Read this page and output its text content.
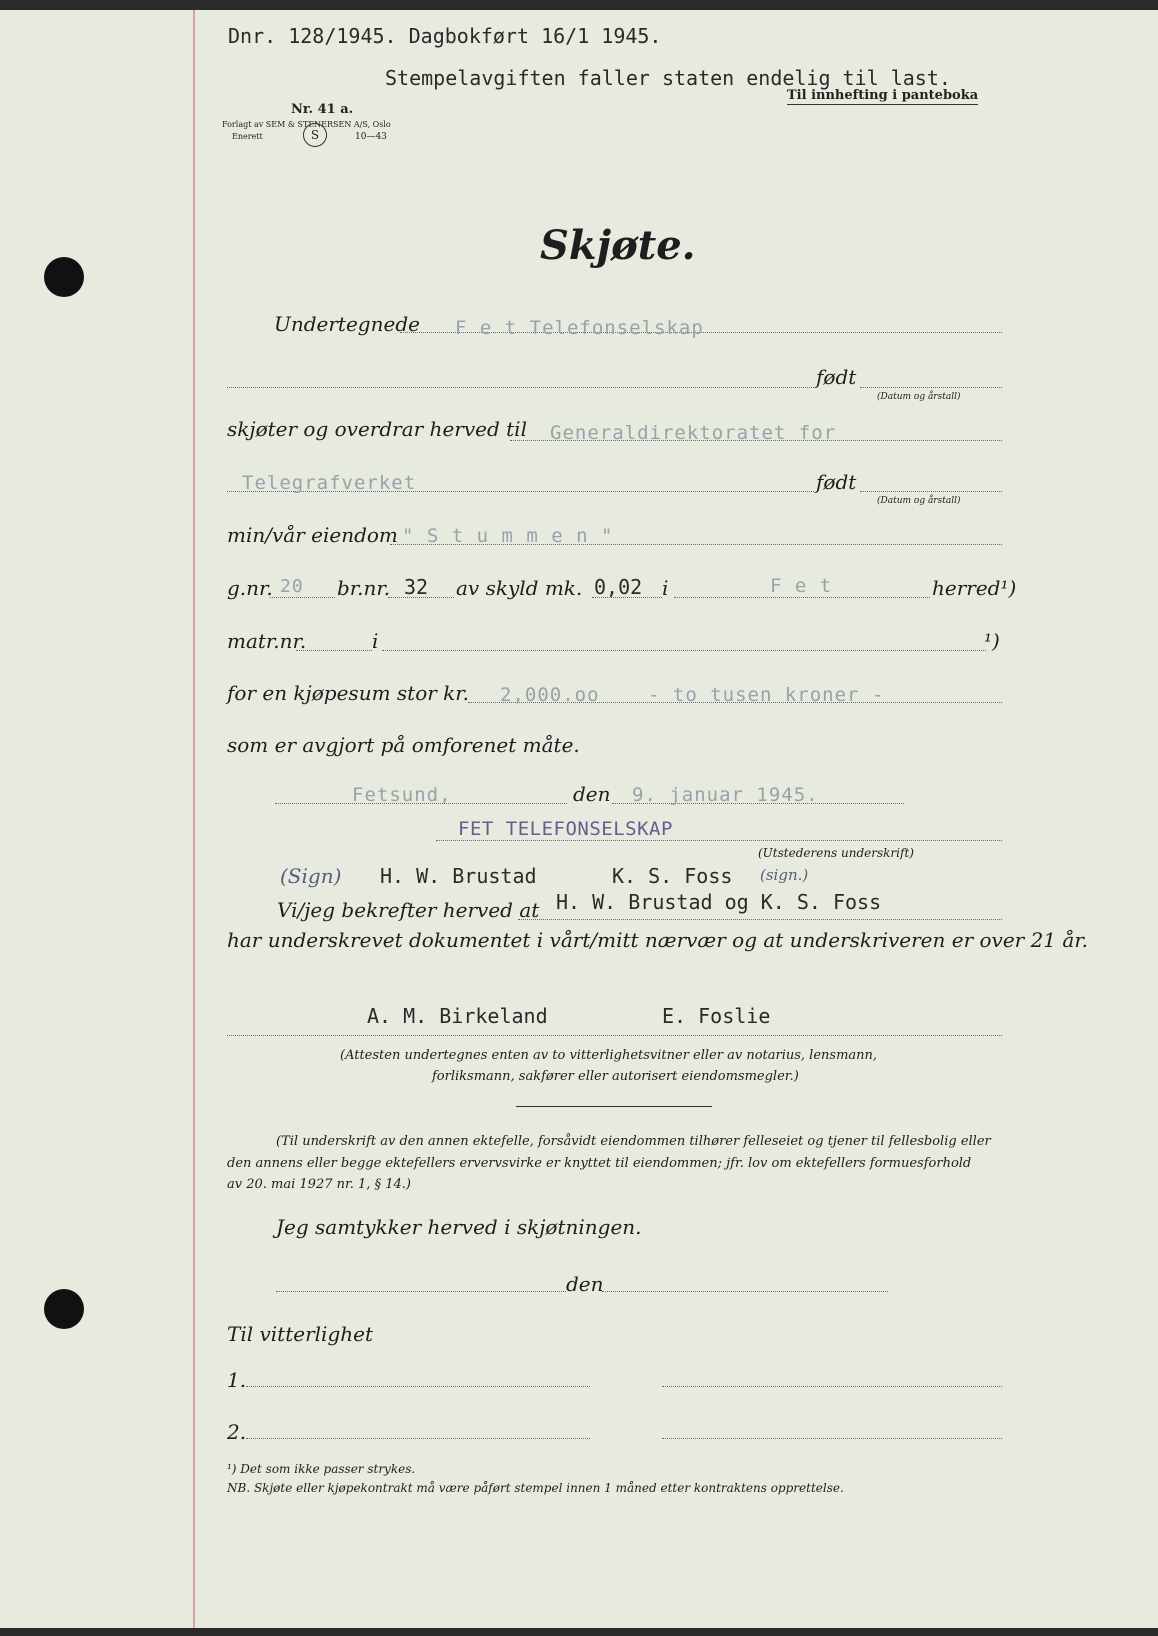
Dnr. 128/1945. Dagbokført 16/1 1945.
Stempelavgiften faller staten endelig til last.
Til innhefting i panteboka
Nr. 41 a.
Forlagt av SEM & STENERSEN A/S, Oslo
Enerett	S	10—43
Skjøte.
Undertegnede F e t Telefonselskap
født
(Datum og årstall)
skjøter og overdrar herved til Generaldirektoratet for
Telegrafverket	født
(Datum og årstall)
min/vår eiendom " S t u m m e n "
g.nr. 20 br.nr. 32 av skyld mk. 0,02 i	F e t	herred¹)
matr.nr.	i	¹)
for en kjøpesum stor kr. 2,000.oo	- to tusen kroner -
som er avgjort på omforenet måte.
Fetsund,	den 9. januar 1945.
FET TELEFONSELSKAP
(Utstederens underskrift)
(Sign) H. W. Brustad	K. S. Foss (sign.)
Vi/jeg bekrefter herved at H. W. Brustad og K. S. Foss
har underskrevet dokumentet i vårt/mitt nærvær og at underskriveren er over 21 år.
A. M. Birkeland	E. Foslie
(Attesten undertegnes enten av to vitterlighetsvitner eller av notarius, lensmann,
forliksmann, sakfører eller autorisert eiendomsmegler.)
(Til underskrift av den annen ektefelle, forsåvidt eiendommen tilhører felleseiet og tjener til fellesbolig eller
den annens eller begge ektefellers ervervsvirke er knyttet til eiendommen; jfr. lov om ektefellers formuesforhold
av 20. mai 1927 nr. 1, § 14.)
Jeg samtykker herved i skjøtningen.
den
Til vitterlighet
1.
2.
¹) Det som ikke passer strykes.
NB. Skjøte eller kjøpekontrakt må være påført stempel innen 1 måned etter kontraktens opprettelse.
